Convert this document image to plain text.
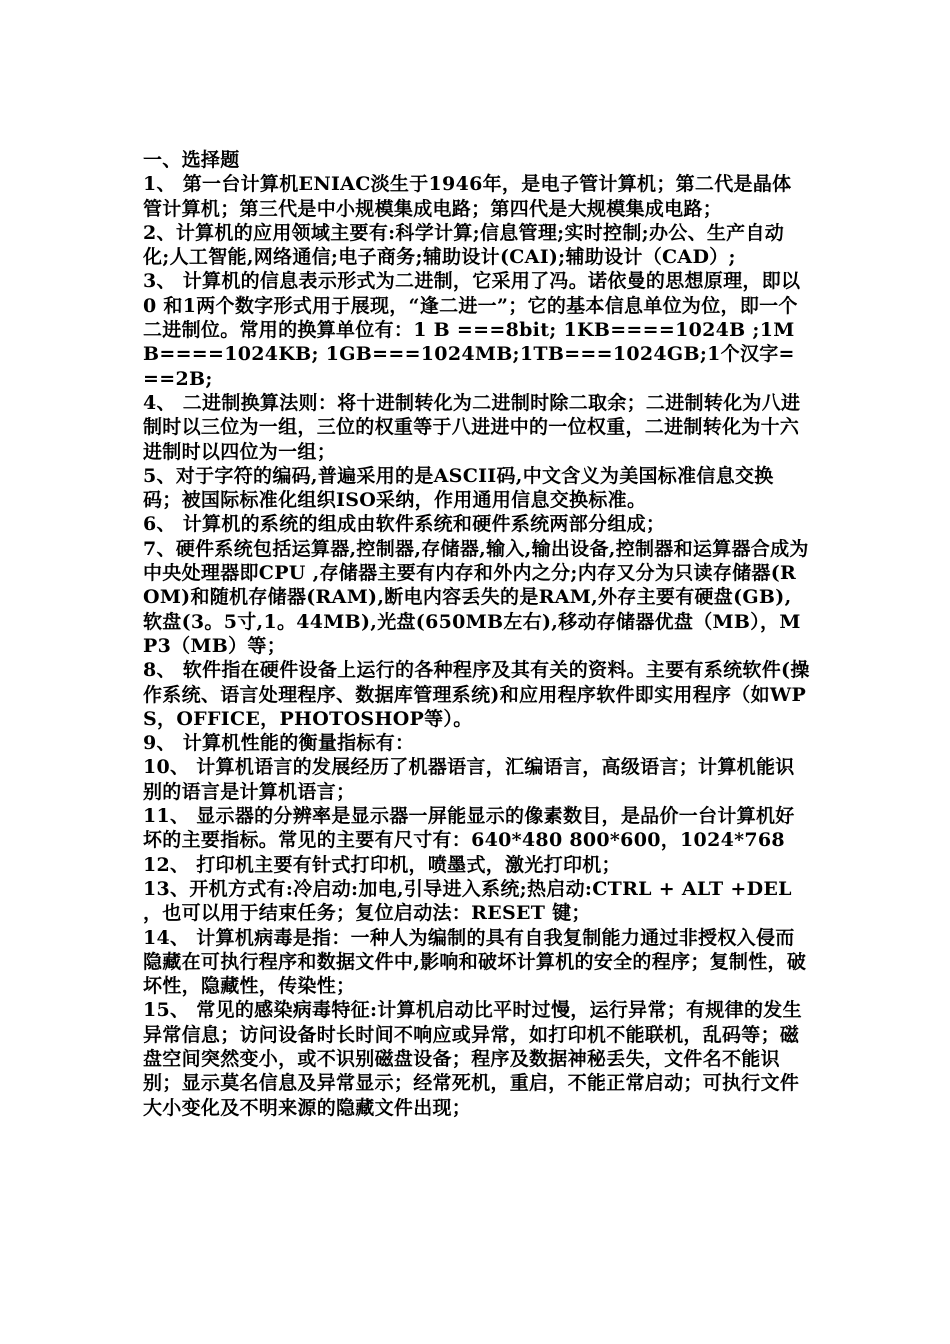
一、选择题

1、 第一台计算机ENIAC淡生于1946年，是电子管计算机；第二代是晶体管计算机；第三代是中小规模集成电路；第四代是大规模集成电路；

2、计算机的应用领域主要有:科学计算;信息管理;实时控制;办公、生产自动化;人工智能,网络通信;电子商务;辅助设计(CAI);辅助设计（CAD）;

3、 计算机的信息表示形式为二进制，它采用了冯。诺依曼的思想原理，即以0 和1两个数字形式用于展现，“逢二进一”；它的基本信息单位为位，即一个二进制位。常用的换算单位有：1 B ===8bit; 1KB====1024B ;1MB====1024KB; 1GB===1024MB;1TB===1024GB;1个汉字===2B;

4、 二进制换算法则：将十进制转化为二进制时除二取余；二进制转化为八进制时以三位为一组，三位的权重等于八进进中的一位权重，二进制转化为十六进制时以四位为一组；

5、对于字符的编码,普遍采用的是ASCII码,中文含义为美国标准信息交换码；被国际标准化组织ISO采纳，作用通用信息交换标准。

6、 计算机的系统的组成由软件系统和硬件系统两部分组成；

7、硬件系统包括运算器,控制器,存储器,输入,输出设备,控制器和运算器合成为中央处理器即CPU ,存储器主要有内存和外内之分;内存又分为只读存储器(ROM)和随机存储器(RAM),断电内容丢失的是RAM,外存主要有硬盘(GB),软盘(3。5寸,1。44MB),光盘(650MB左右),移动存储器优盘（MB），MP3（MB）等；

8、 软件指在硬件设备上运行的各种程序及其有关的资料。主要有系统软件(操作系统、语言处理程序、数据库管理系统)和应用程序软件即实用程序（如WPS，OFFICE，PHOTOSHOP等）。

9、 计算机性能的衡量指标有：

10、 计算机语言的发展经历了机器语言，汇编语言，高级语言；计算机能识别的语言是计算机语言；

11、 显示器的分辨率是显示器一屏能显示的像素数目，是品价一台计算机好坏的主要指标。常见的主要有尺寸有：640*480 800*600，1024*768

12、 打印机主要有针式打印机，喷墨式，激光打印机；

13、开机方式有:冷启动:加电,引导进入系统;热启动:CTRL + ALT +DEL ，也可以用于结束任务；复位启动法：RESET 键；

14、 计算机病毒是指：一种人为编制的具有自我复制能力通过非授权入侵而隐藏在可执行程序和数据文件中,影响和破坏计算机的安全的程序；复制性，破坏性，隐藏性，传染性；

15、 常见的感染病毒特征:计算机启动比平时过慢，运行异常；有规律的发生异常信息；访问设备时长时间不响应或异常，如打印机不能联机，乱码等；磁盘空间突然变小，或不识别磁盘设备；程序及数据神秘丢失，文件名不能识别；显示莫名信息及异常显示；经常死机，重启，不能正常启动；可执行文件大小变化及不明来源的隐藏文件出现；
